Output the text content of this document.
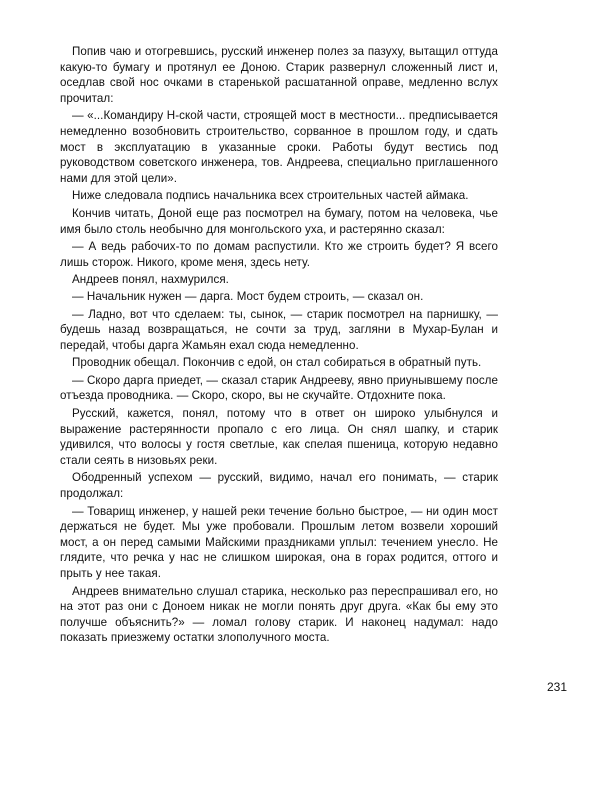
Попив чаю и отогревшись, русский инженер полез за пазуху, вытащил оттуда какую-то бумагу и протянул ее Доною. Старик развернул сложенный лист и, оседлав свой нос очками в старенькой расшатанной оправе, медленно вслух прочитал:

— «...Командиру Н-ской части, строящей мост в местности... предписывается немедленно возобновить строительство, сорванное в прошлом году, и сдать мост в эксплуатацию в указанные сроки. Работы будут вестись под руководством советского инженера, тов. Андреева, специально приглашенного нами для этой цели».

Ниже следовала подпись начальника всех строительных частей аймака.

Кончив читать, Доной еще раз посмотрел на бумагу, потом на человека, чье имя было столь необычно для монгольского уха, и растерянно сказал:

— А ведь рабочих-то по домам распустили. Кто же строить будет? Я всего лишь сторож. Никого, кроме меня, здесь нету.

Андреев понял, нахмурился.

— Начальник нужен — дарга. Мост будем строить, — сказал он.

— Ладно, вот что сделаем: ты, сынок, — старик посмотрел на парнишку, — будешь назад возвращаться, не сочти за труд, загляни в Мухар-Булан и передай, чтобы дарга Жамьян ехал сюда немедленно.

Проводник обещал. Покончив с едой, он стал собираться в обратный путь.

— Скоро дарга приедет, — сказал старик Андрееву, явно приунывшему после отъезда проводника. — Скоро, скоро, вы не скучайте. Отдохните пока.

Русский, кажется, понял, потому что в ответ он широко улыбнулся и выражение растерянности пропало с его лица. Он снял шапку, и старик удивился, что волосы у гостя светлые, как спелая пшеница, которую недавно стали сеять в низовьях реки.

Ободренный успехом — русский, видимо, начал его понимать, — старик продолжал:

— Товарищ инженер, у нашей реки течение больно быстрое, — ни один мост держаться не будет. Мы уже пробовали. Прошлым летом возвели хороший мост, а он перед самыми Майскими праздниками уплыл: течением унесло. Не глядите, что речка у нас не слишком широкая, она в горах родится, оттого и прыть у нее такая.

Андреев внимательно слушал старика, несколько раз переспрашивал его, но на этот раз они с Доноем никак не могли понять друг друга. «Как бы ему это получше объяснить?» — ломал голову старик. И наконец надумал: надо показать приезжему остатки злополучного моста.

231
